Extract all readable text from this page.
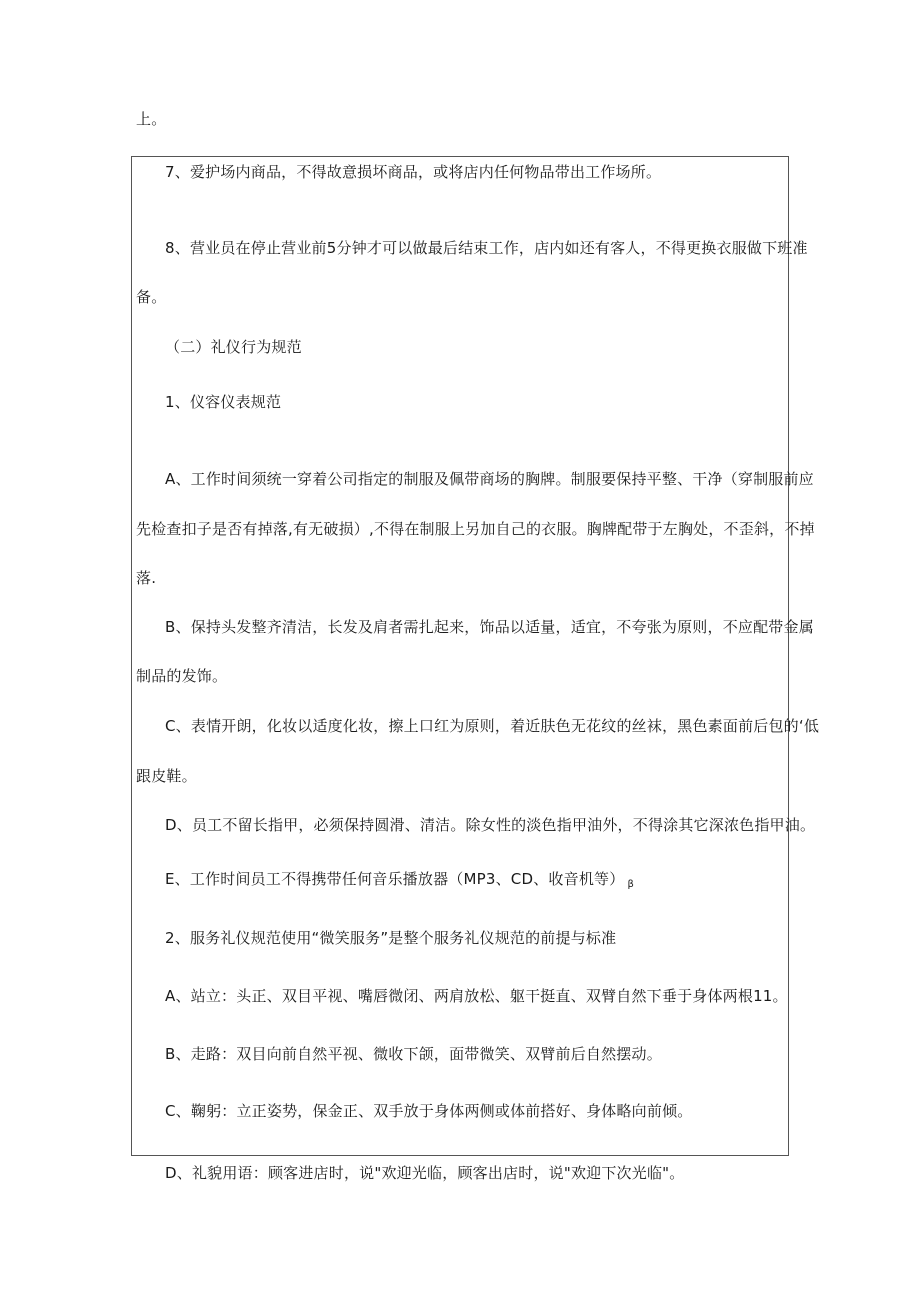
上。
7、爱护场内商品，不得故意损坏商品，或将店内任何物品带出工作场所。
8、营业员在停止营业前5分钟才可以做最后结束工作，店内如还有客人，不得更换衣服做下班准
备。
（二）礼仪行为规范
1、仪容仪表规范
A、工作时间须统一穿着公司指定的制服及佩带商场的胸牌。制服要保持平整、干净（穿制服前应
先检查扣子是否有掉落,有无破损）,不得在制服上另加自己的衣服。胸牌配带于左胸处，不歪斜，不掉
落.
B、保持头发整齐清洁，长发及肩者需扎起来，饰品以适量，适宜，不夸张为原则，不应配带金属
制品的发饰。
C、表情开朗，化妆以适度化妆，擦上口红为原则，着近肤色无花纹的丝袜，黑色素面前后包的‘低
跟皮鞋。
D、员工不留长指甲，必须保持圆滑、清洁。除女性的淡色指甲油外，不得涂其它深浓色指甲油。
E、工作时间员工不得携带任何音乐播放器（MP3、CD、收音机等） $_\beta$
2、服务礼仪规范使用“微笑服务”是整个服务礼仪规范的前提与标准
A、站立：头正、双目平视、嘴唇微闭、两肩放松、躯干挺直、双臂自然下垂于身体两根11。
B、走路：双目向前自然平视、微收下颌，面带微笑、双臂前后自然摆动。
C、鞠躬：立正姿势，保金正、双手放于身体两侧或体前搭好、身体略向前倾。
D、礼貌用语：顾客进店时，说"欢迎光临，顾客出店时，说"欢迎下次光临"。
